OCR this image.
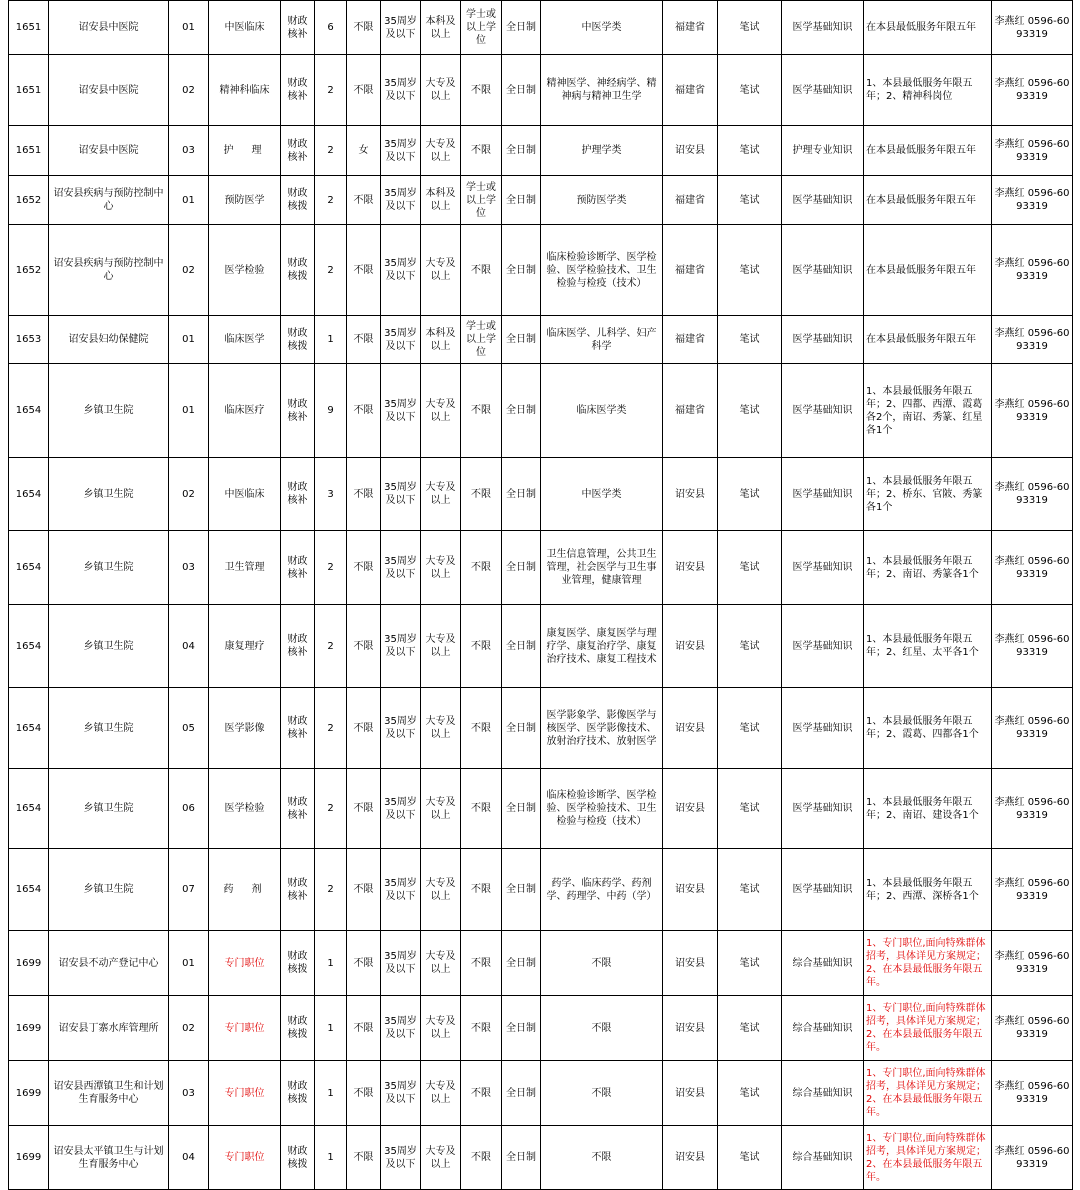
1651	诏安县中医院	01	中医临床	财政核补	6	不限	35周岁及以下	本科及以上	学士或以上学位	全日制	中医学类	福建省	笔试	医学基础知识	在本县最低服务年限五年	李燕红 0596-6093319
1651	诏安县中医院	02	精神科临床	财政核补	2	不限	35周岁及以下	大专及以上	不限	全日制	精神医学、神经病学、精神病与精神卫生学	福建省	笔试	医学基础知识	1、本县最低服务年限五年；2、精神科岗位	李燕红 0596-6093319
1651	诏安县中医院	03	护　理	财政核补	2	女	35周岁及以下	大专及以上	不限	全日制	护理学类	诏安县	笔试	护理专业知识	在本县最低服务年限五年	李燕红 0596-6093319
1652	诏安县疾病与预防控制中心	01	预防医学	财政核拨	2	不限	35周岁及以下	本科及以上	学士或以上学位	全日制	预防医学类	福建省	笔试	医学基础知识	在本县最低服务年限五年	李燕红 0596-6093319
1652	诏安县疾病与预防控制中心	02	医学检验	财政核拨	2	不限	35周岁及以下	大专及以上	不限	全日制	临床检验诊断学、医学检验、医学检验技术、卫生检验与检疫（技术）	福建省	笔试	医学基础知识	在本县最低服务年限五年	李燕红 0596-6093319
1653	诏安县妇幼保健院	01	临床医学	财政核拨	1	不限	35周岁及以下	本科及以上	学士或以上学位	全日制	临床医学、儿科学、妇产科学	福建省	笔试	医学基础知识	在本县最低服务年限五年	李燕红 0596-6093319
1654	乡镇卫生院	01	临床医疗	财政核补	9	不限	35周岁及以下	大专及以上	不限	全日制	临床医学类	福建省	笔试	医学基础知识	1、本县最低服务年限五年；2、四都、西潭、霞葛各2个，南诏、秀篆、红星各1个	李燕红 0596-6093319
1654	乡镇卫生院	02	中医临床	财政核补	3	不限	35周岁及以下	大专及以上	不限	全日制	中医学类	诏安县	笔试	医学基础知识	1、本县最低服务年限五年；2、桥东、官陂、秀篆各1个	李燕红 0596-6093319
1654	乡镇卫生院	03	卫生管理	财政核补	2	不限	35周岁及以下	大专及以上	不限	全日制	卫生信息管理，公共卫生管理，社会医学与卫生事业管理，健康管理	诏安县	笔试	医学基础知识	1、本县最低服务年限五年；2、南诏、秀篆各1个	李燕红 0596-6093319
1654	乡镇卫生院	04	康复理疗	财政核补	2	不限	35周岁及以下	大专及以上	不限	全日制	康复医学、康复医学与理疗学、康复治疗学、康复治疗技术、康复工程技术	诏安县	笔试	医学基础知识	1、本县最低服务年限五年；2、红星、太平各1个	李燕红 0596-6093319
1654	乡镇卫生院	05	医学影像	财政核补	2	不限	35周岁及以下	大专及以上	不限	全日制	医学影象学、影像医学与核医学、医学影像技术、放射治疗技术、放射医学	诏安县	笔试	医学基础知识	1、本县最低服务年限五年；2、霞葛、四都各1个	李燕红 0596-6093319
1654	乡镇卫生院	06	医学检验	财政核补	2	不限	35周岁及以下	大专及以上	不限	全日制	临床检验诊断学、医学检验、医学检验技术、卫生检验与检疫（技术）	诏安县	笔试	医学基础知识	1、本县最低服务年限五年；2、南诏、建设各1个	李燕红 0596-6093319
1654	乡镇卫生院	07	药　剂	财政核补	2	不限	35周岁及以下	大专及以上	不限	全日制	药学、临床药学、药剂学、药理学、中药（学）	诏安县	笔试	医学基础知识	1、本县最低服务年限五年；2、西潭、深桥各1个	李燕红 0596-6093319
1699	诏安县不动产登记中心	01	专门职位	财政核拨	1	不限	35周岁及以下	大专及以上	不限	全日制	不限	诏安县	笔试	综合基础知识	1、专门职位,面向特殊群体招考，具体详见方案规定；2、在本县最低服务年限五年。	李燕红 0596-6093319
1699	诏安县丁寨水库管理所	02	专门职位	财政核拨	1	不限	35周岁及以下	大专及以上	不限	全日制	不限	诏安县	笔试	综合基础知识	1、专门职位,面向特殊群体招考，具体详见方案规定；2、在本县最低服务年限五年。	李燕红 0596-6093319
1699	诏安县西潭镇卫生和计划生育服务中心	03	专门职位	财政核拨	1	不限	35周岁及以下	大专及以上	不限	全日制	不限	诏安县	笔试	综合基础知识	1、专门职位,面向特殊群体招考，具体详见方案规定；2、在本县最低服务年限五年。	李燕红 0596-6093319
1699	诏安县太平镇卫生与计划生育服务中心	04	专门职位	财政核拨	1	不限	35周岁及以下	大专及以上	不限	全日制	不限	诏安县	笔试	综合基础知识	1、专门职位,面向特殊群体招考，具体详见方案规定；2、在本县最低服务年限五年。	李燕红 0596-6093319
